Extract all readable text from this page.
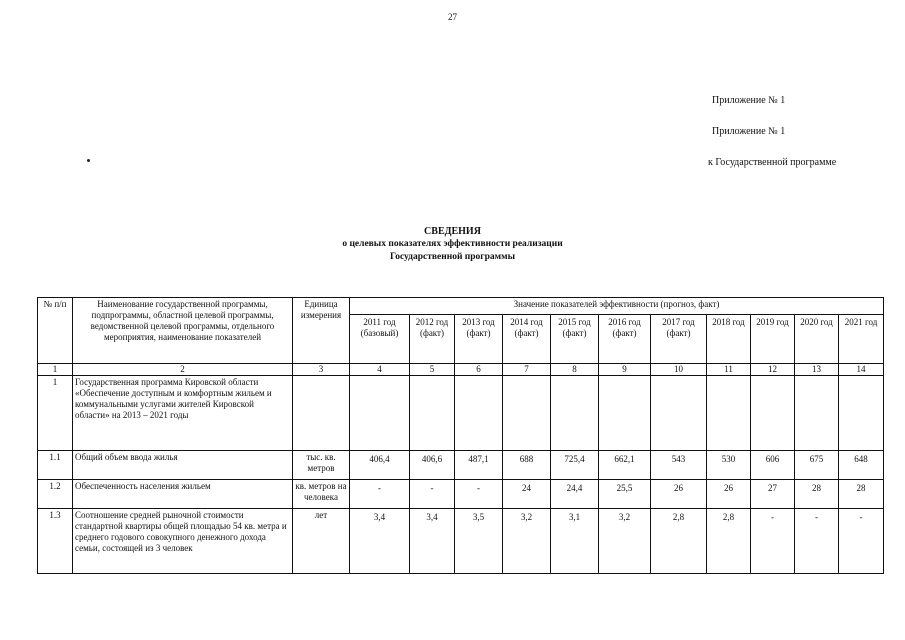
27
Приложение № 1
Приложение № 1
к Государственной программе
СВЕДЕНИЯ
о целевых показателях эффективности реализации
Государственной программы
№ п/п	Наименование государственной программы, подпрограммы, областной целевой программы, ведомственной целевой программы, отдельного мероприятия, наименование показателей	Единица измерения	Значение показателей эффективности (прогноз, факт)										
			2011 год (базовый)	2012 год (факт)	2013 год (факт)	2014 год (факт)	2015 год (факт)	2016 год (факт)	2017 год (факт)	2018 год	2019 год	2020 год	2021 год
1	2	3	4	5	6	7	8	9	10	11	12	13	14
1	Государственная программа Кировской области «Обеспечение доступным и комфортным жильем и коммунальными услугами жителей Кировской области» на 2013 – 2021 годы												
1.1	Общий объем ввода жилья	тыс. кв. метров	406,4	406,6	487,1	688	725,4	662,1	543	530	606	675	648
1.2	Обеспеченность населения жильем	кв. метров на человека	-	-	-	24	24,4	25,5	26	26	27	28	28
1.3	Соотношение средней рыночной стоимости стандартной квартиры общей площадью 54 кв. метра и среднего годового совокупного денежного дохода семьи, состоящей из 3 человек	лет	3,4	3,4	3,5	3,2	3,1	3,2	2,8	2,8	-	-	-
